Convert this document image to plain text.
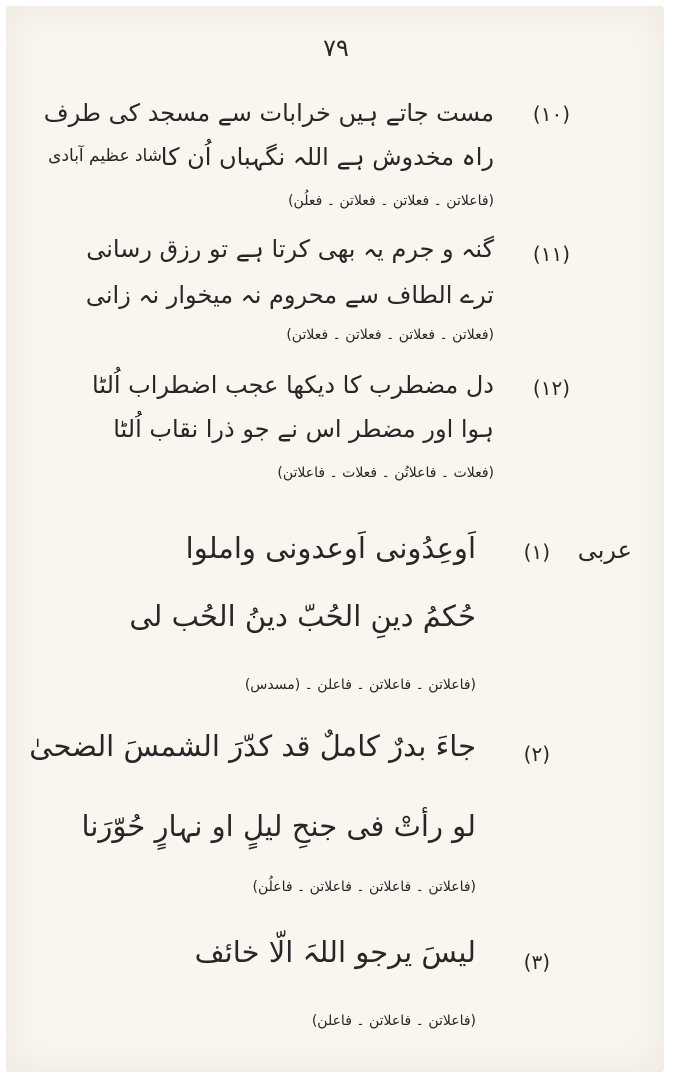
۷۹
شاد عظیم آبادی
عربی
(۱۰)
مست جاتے ہیں خرابات سے مسجد کی طرف
راہ مخدوش ہے اللہ نگہباں اُن کا
(فاعلاتن ۔ فعلاتن ۔ فعلاتن ۔ فعلُن)
(۱۱)
گنہ و جرم یہ بھی کرتا ہے تو رزق رسانی
ترے الطاف سے محروم نہ میخوار نہ زانی
(فعلاتن ۔ فعلاتن ۔ فعلاتن ۔ فعلاتن)
(۱۲)
دل مضطرب کا دیکھا عجب اضطراب اُلٹا
ہوا اور مضطر اس نے جو ذرا نقاب اُلٹا
(فعلات ۔ فاعلاتُن ۔ فعلات ۔ فاعلاتن)
(۱)
اَوعِدُونی اَوعدونی واملوا
حُکمُ دینِ الحُبّ دینُ الحُب لی
(فاعلاتن ۔ فاعلاتن ۔ فاعلن ۔ (مسدس)
(۲)
جاءَ بدرٌ کاملٌ قد کدّرَ الشمسَ الضحیٰ
لو رأتْ فی جنحِ لیلٍ او نہارٍ حُوّرَنا
(فاعلاتن ۔ فاعلاتن ۔ فاعلاتن ۔ فاعلُن)
(۳)
لیسَ یرجو اللہَ الّا خائف
(فاعلاتن ۔ فاعلاتن ۔ فاعلن)
